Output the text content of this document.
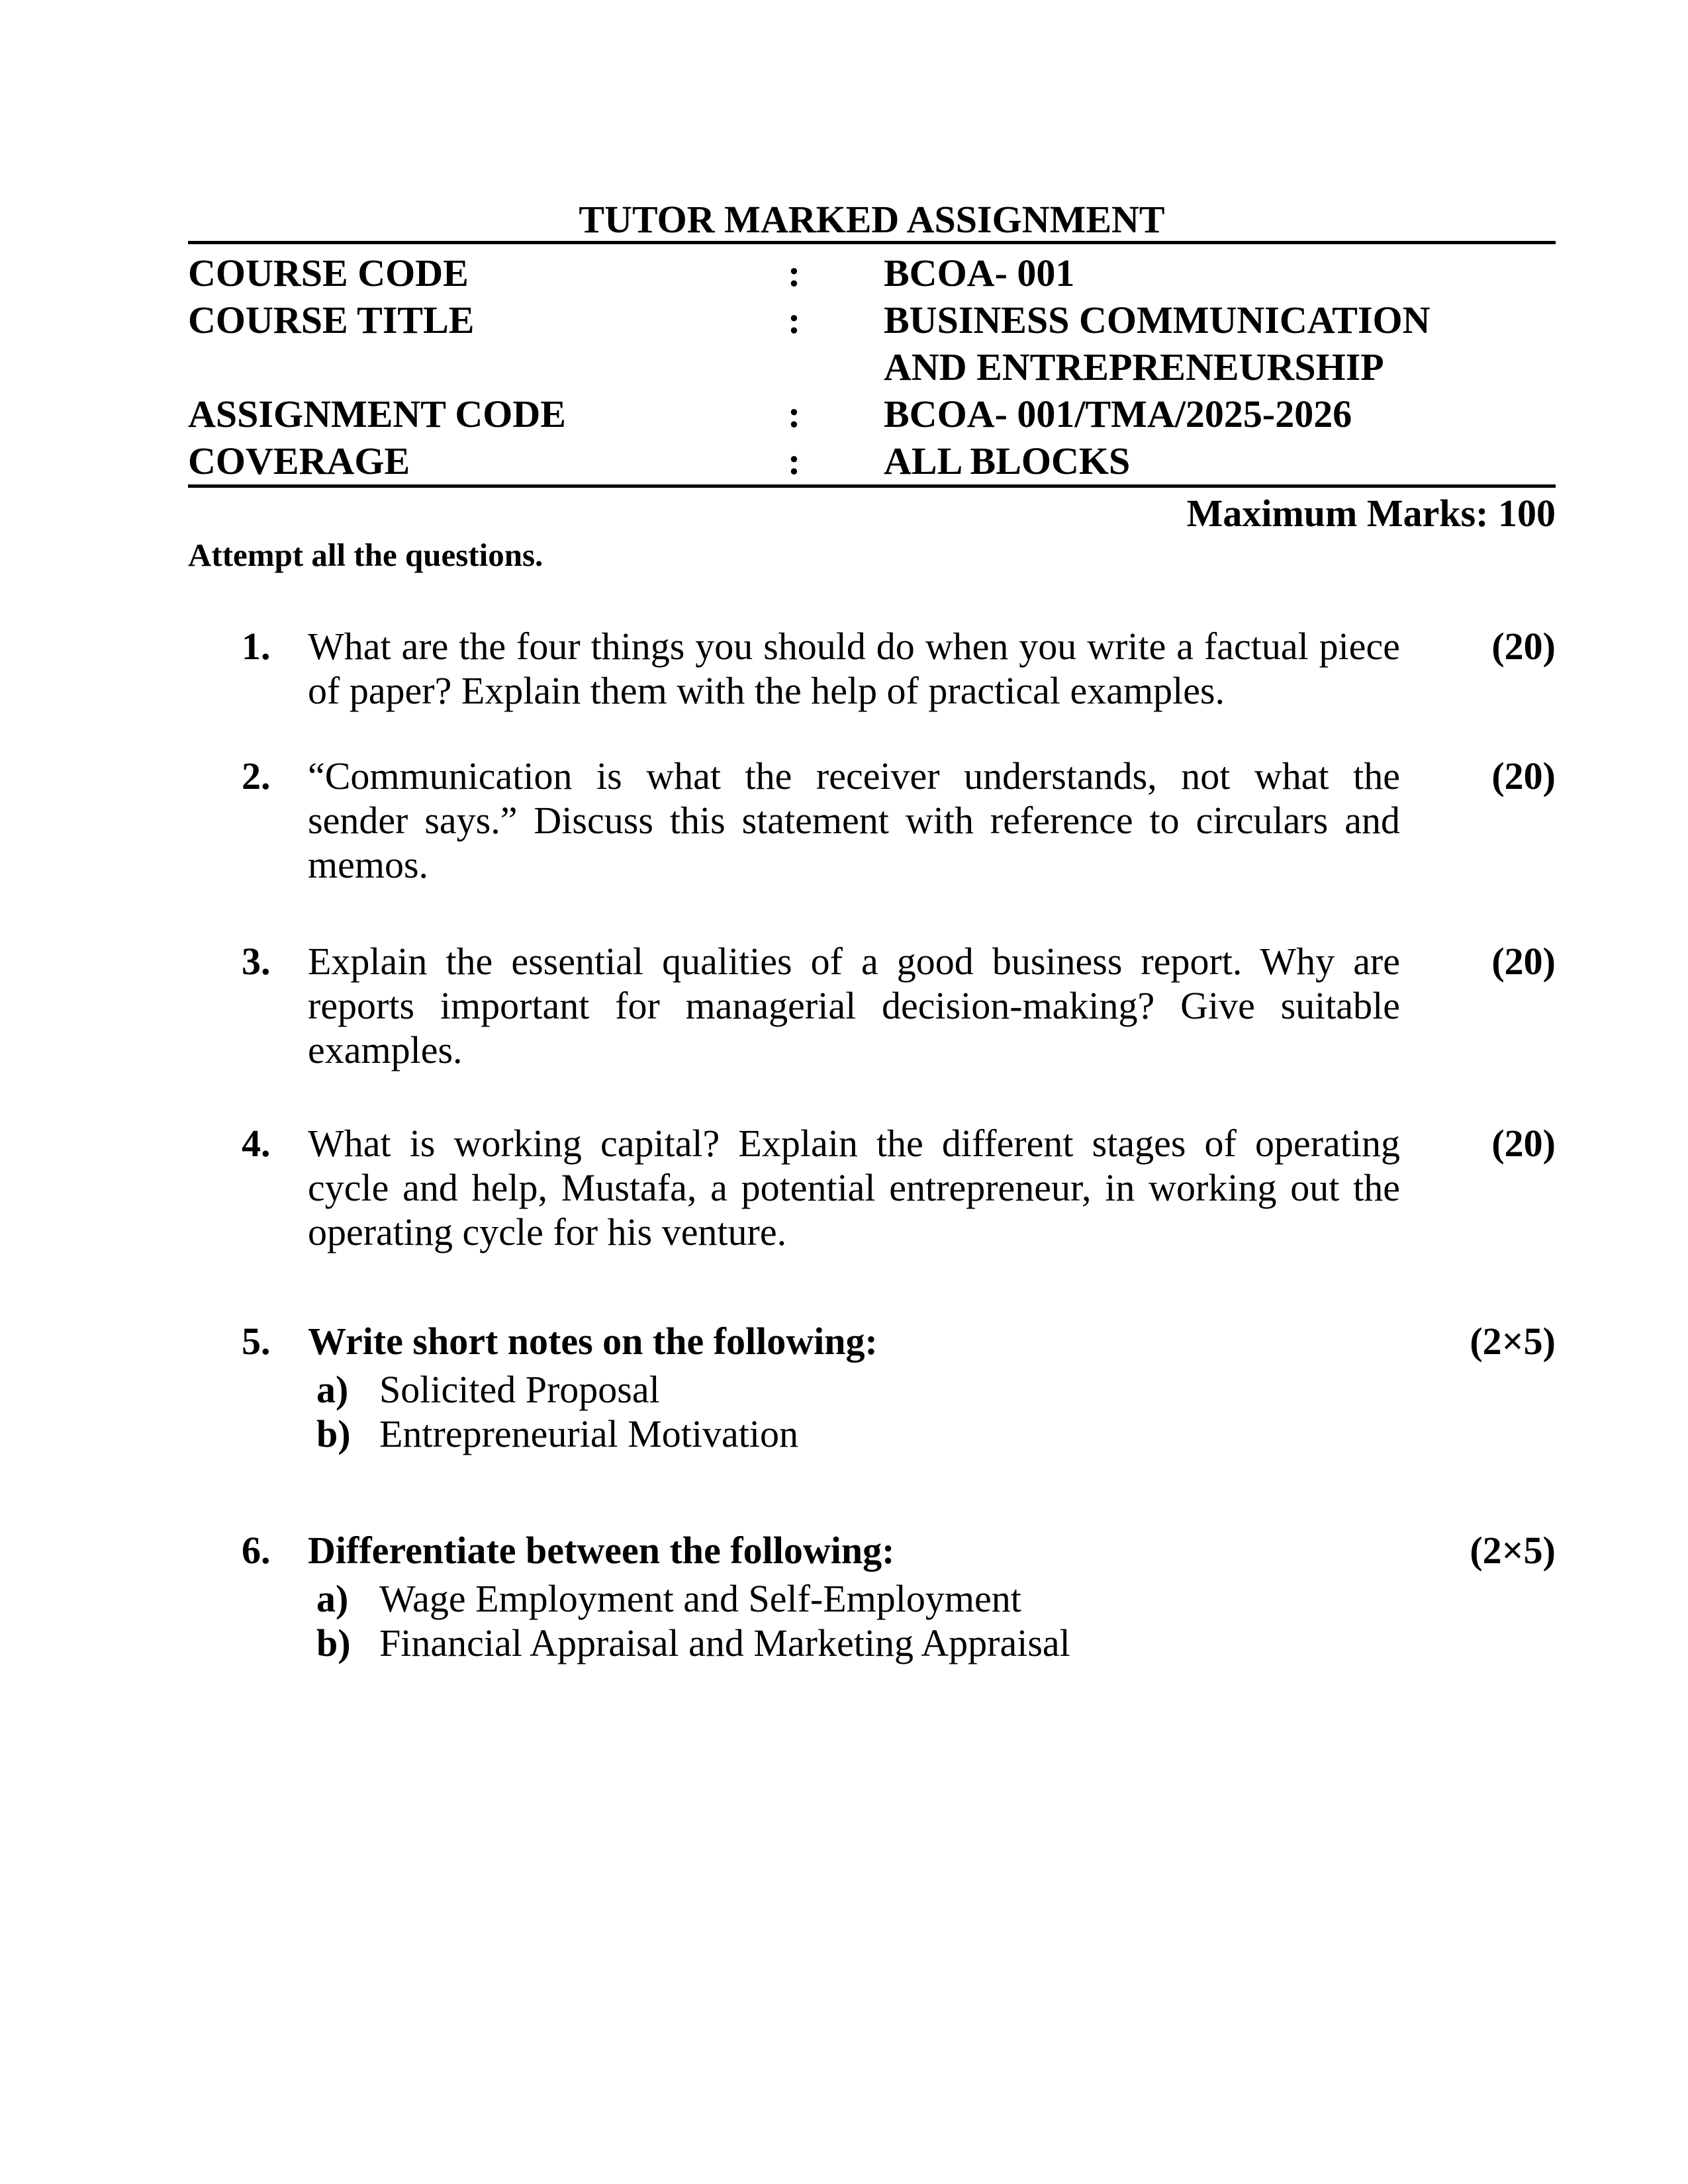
TUTOR MARKED ASSIGNMENT
COURSE CODE	:	BCOA- 001
COURSE TITLE	:	BUSINESS COMMUNICATION
AND ENTREPRENEURSHIP
ASSIGNMENT CODE	:	BCOA- 001/TMA/2025-2026
COVERAGE	:	ALL BLOCKS
Maximum Marks: 100
Attempt all the questions.
1. What are the four things you should do when you write a factual piece
of paper? Explain them with the help of practical examples.
(20)
2. “Communication is what the receiver understands, not what the
sender says.” Discuss this statement with reference to circulars and
memos.
(20)
3. Explain the essential qualities of a good business report. Why are
reports important for managerial decision-making? Give suitable
examples.
(20)
4. What is working capital? Explain the different stages of operating
cycle and help, Mustafa, a potential entrepreneur, in working out the
operating cycle for his venture.
(20)
5. Write short notes on the following:
a) Solicited Proposal
b) Entrepreneurial Motivation
(2×5)
6. Differentiate between the following:
a) Wage Employment and Self-Employment
b) Financial Appraisal and Marketing Appraisal
(2×5)
